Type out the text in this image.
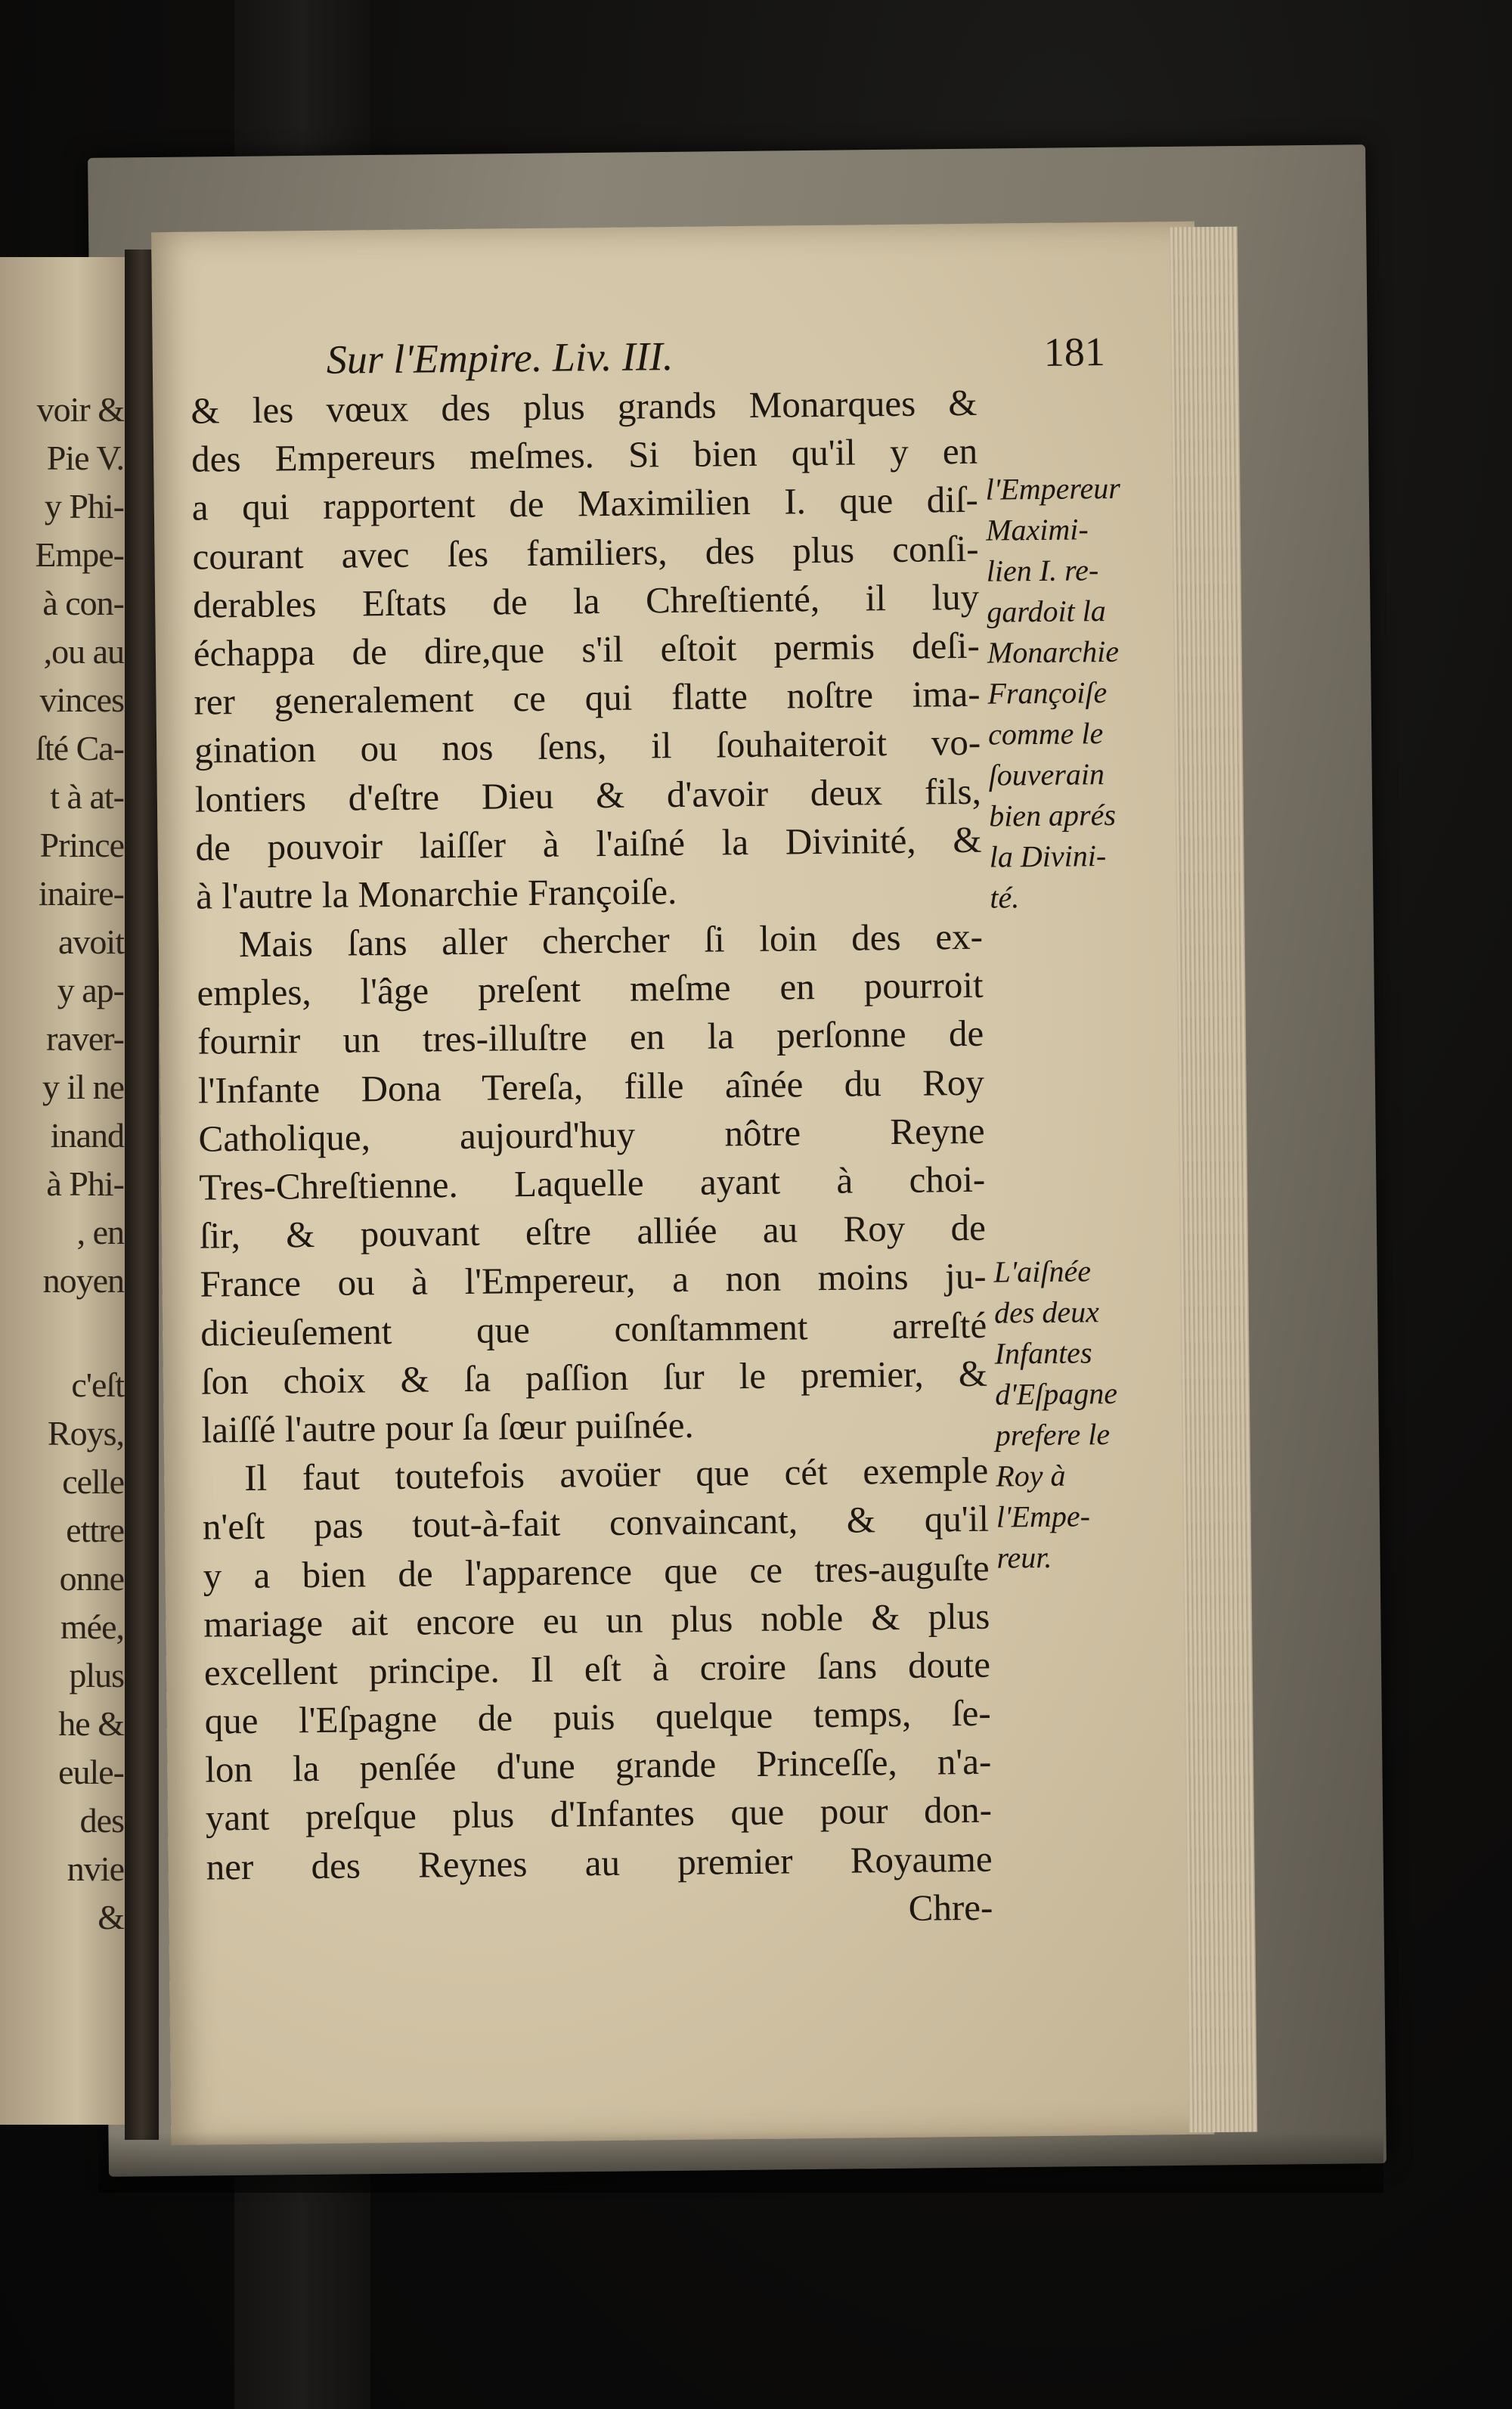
voir &
Pie V.
y Phi-
Empe-
à con-
,ou au
vinces
ſté Ca-
t à at-
Prince
inaire-
avoit
y ap-
raver-
y il ne
inand
à Phi-
, en
noyen
c'eſt
Roys,
celle
ettre
onne
mée,
plus
he &
eule-
des
nvie
&
Sur l'Empire. Liv. III.	181
& les vœux des plus grands Monarques &
des Empereurs meſmes. Si bien qu'il y en
a qui rapportent de Maximilien I. que diſ-
courant avec ſes familiers, des plus conſi-
derables Eſtats de la Chreſtienté, il luy
échappa de dire,que s'il eſtoit permis deſi-
rer generalement ce qui flatte noſtre ima-
gination ou nos ſens, il ſouhaiteroit vo-
lontiers d'eſtre Dieu & d'avoir deux fils,
de pouvoir laiſſer à l'aiſné la Divinité, &
à l'autre la Monarchie Françoiſe.
Mais ſans aller chercher ſi loin des ex-
emples, l'âge preſent meſme en pourroit
fournir un tres-illuſtre en la perſonne de
l'Infante Dona Tereſa, fille aînée du Roy
Catholique, aujourd'huy nôtre Reyne
Tres-Chreſtienne. Laquelle ayant à choi-
ſir, & pouvant eſtre alliée au Roy de
France ou à l'Empereur, a non moins ju-
dicieuſement que conſtamment arreſté
ſon choix & ſa paſſion ſur le premier, &
laiſſé l'autre pour ſa ſœur puiſnée.
Il faut toutefois avoüer que cét exemple
n'eſt pas tout-à-fait convaincant, & qu'il
y a bien de l'apparence que ce tres-auguſte
mariage ait encore eu un plus noble & plus
excellent principe. Il eſt à croire ſans doute
que l'Eſpagne de puis quelque temps, ſe-
lon la penſée d'une grande Princeſſe, n'a-
yant preſque plus d'Infantes que pour don-
ner des Reynes au premier Royaume
Chre-
l'Empereur
Maximi-
lien I. re-
gardoit la
Monarchie
Françoiſe
comme le
ſouverain
bien aprés
la Divini-
té.
L'aiſnée
des deux
Infantes
d'Eſpagne
prefere le
Roy à
l'Empe-
reur.
